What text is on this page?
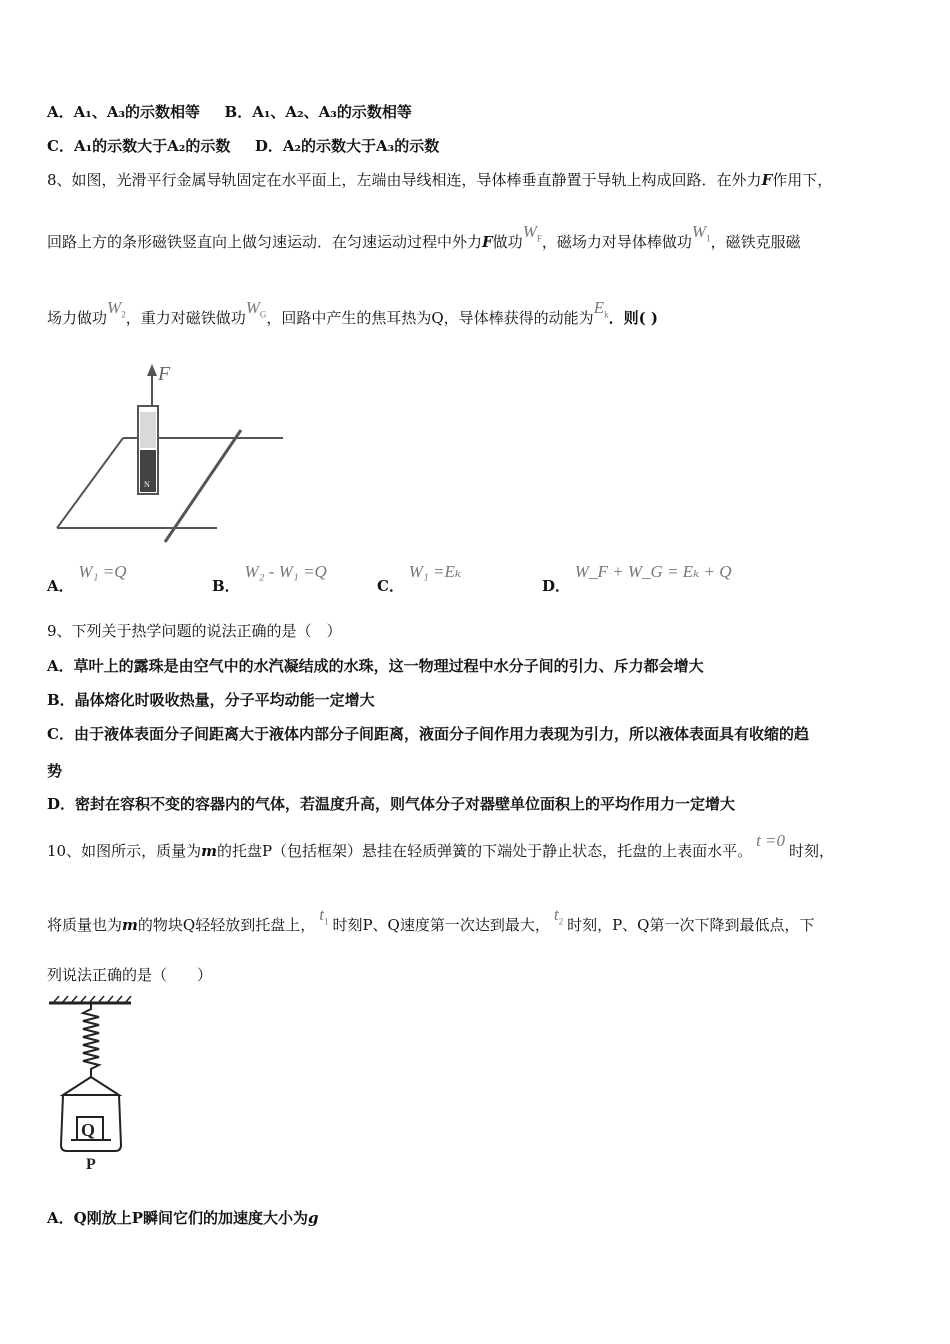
A．A₁、A₃的示数相等 B．A₁、A₂、A₃的示数相等
C．A₁的示数大于A₂的示数 D．A₂的示数大于A₃的示数
8、如图，光滑平行金属导轨固定在水平面上，左端由导线相连，导体棒垂直静置于导轨上构成回路．在外力F作用下，
回路上方的条形磁铁竖直向上做匀速运动．在匀速运动过程中外力F做功$W_F$，磁场力对导体棒做功$W_1$，磁铁克服磁
场力做功$W_2$，重力对磁铁做功$W_G$，回路中产生的焦耳热为Q，导体棒获得的动能为$E_k$．则( )
F
N
A． W₁ =Q
B． W₂ - W₁ =Q
C． W₁ =Eₖ
D． W_F + W_G = Eₖ + Q
9、下列关于热学问题的说法正确的是（　）
A．草叶上的露珠是由空气中的水汽凝结成的水珠，这一物理过程中水分子间的引力、斥力都会增大
B．晶体熔化时吸收热量，分子平均动能一定增大
C．由于液体表面分子间距离大于液体内部分子间距离，液面分子间作用力表现为引力，所以液体表面具有收缩的趋
势
D．密封在容积不变的容器内的气体，若温度升高，则气体分子对器壁单位面积上的平均作用力一定增大
10、如图所示，质量为m的托盘P（包括框架）悬挂在轻质弹簧的下端处于静止状态，托盘的上表面水平。t =0时刻，
将质量也为m的物块Q轻轻放到托盘上，$t_1$ 时刻P、Q速度第一次达到最大，$t_2$ 时刻，P、Q第一次下降到最低点，下
列说法正确的是（　　）
Q
P
A．Q刚放上P瞬间它们的加速度大小为g
